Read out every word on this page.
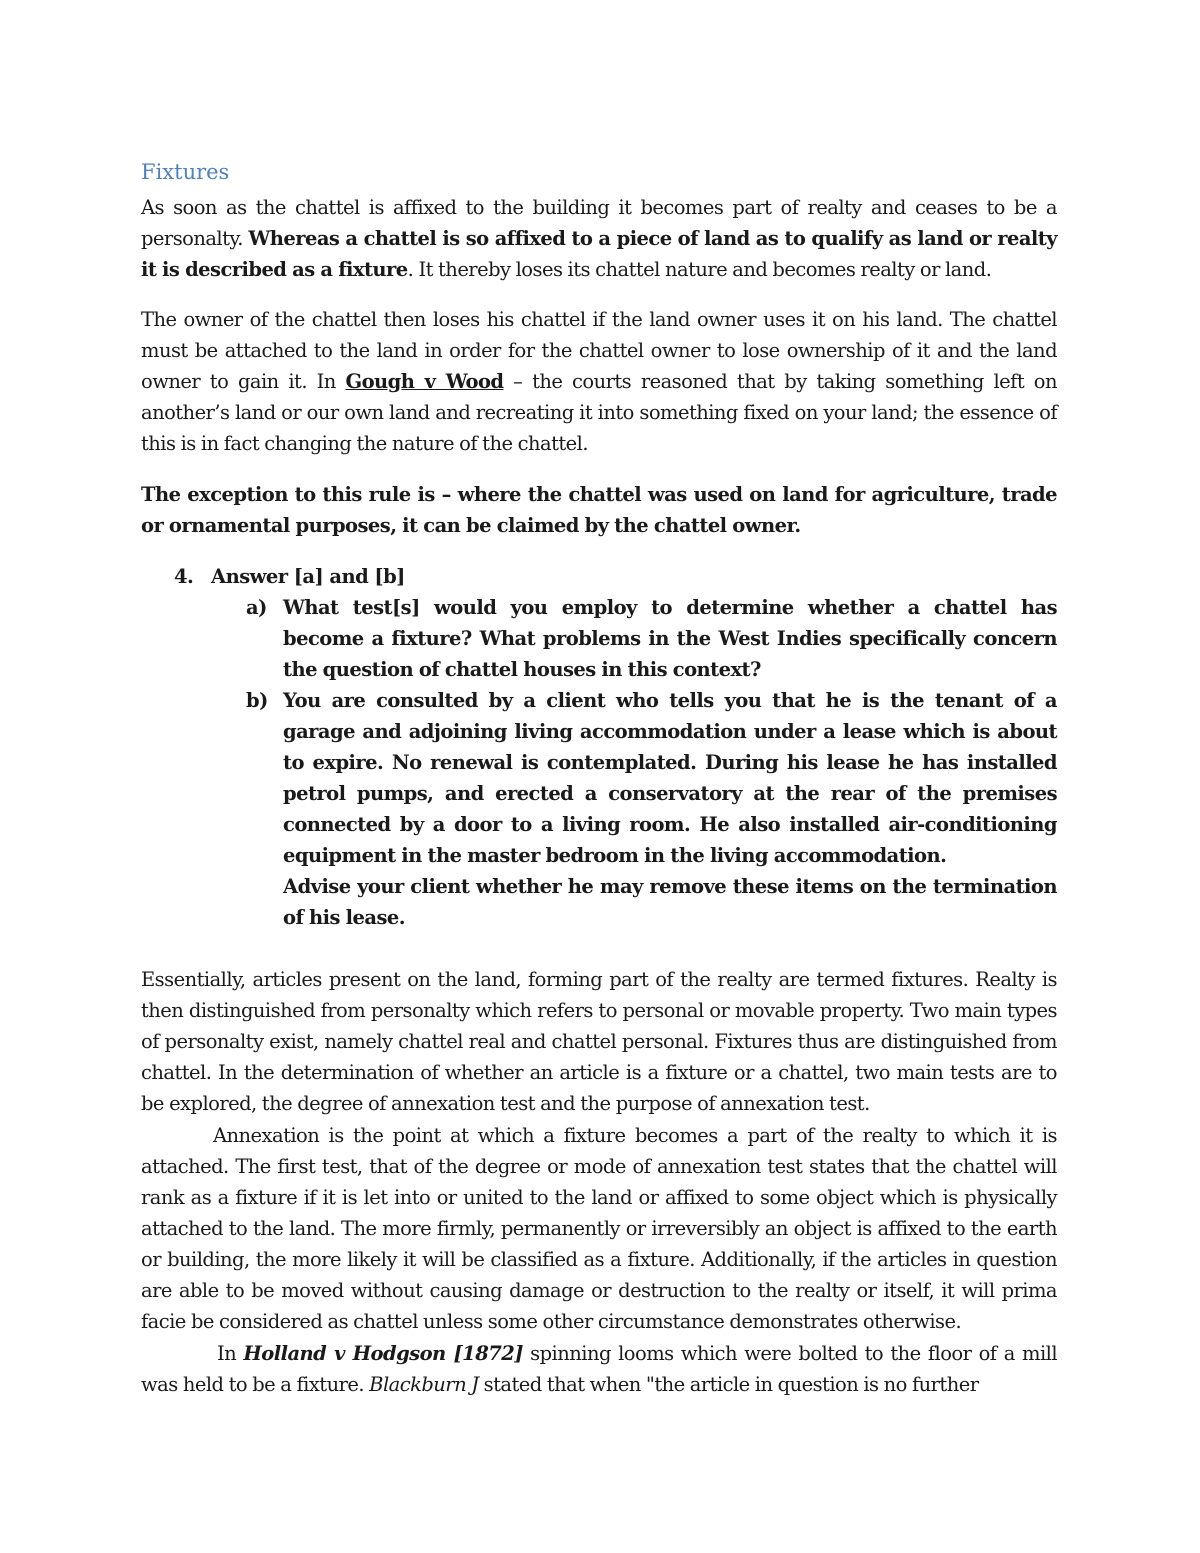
Fixtures
As soon as the chattel is affixed to the building it becomes part of realty and ceases to be a personalty. Whereas a chattel is so affixed to a piece of land as to qualify as land or realty it is described as a fixture. It thereby loses its chattel nature and becomes realty or land.
The owner of the chattel then loses his chattel if the land owner uses it on his land. The chattel must be attached to the land in order for the chattel owner to lose ownership of it and the land owner to gain it. In Gough v Wood – the courts reasoned that by taking something left on another’s land or our own land and recreating it into something fixed on your land; the essence of this is in fact changing the nature of the chattel.
The exception to this rule is – where the chattel was used on land for agriculture, trade or ornamental purposes, it can be claimed by the chattel owner.
4. Answer [a] and [b]
a) What test[s] would you employ to determine whether a chattel has become a fixture? What problems in the West Indies specifically concern the question of chattel houses in this context?
b) You are consulted by a client who tells you that he is the tenant of a garage and adjoining living accommodation under a lease which is about to expire. No renewal is contemplated. During his lease he has installed petrol pumps, and erected a conservatory at the rear of the premises connected by a door to a living room. He also installed air-conditioning equipment in the master bedroom in the living accommodation.
Advise your client whether he may remove these items on the termination of his lease.
Essentially, articles present on the land, forming part of the realty are termed fixtures. Realty is then distinguished from personalty which refers to personal or movable property. Two main types of personalty exist, namely chattel real and chattel personal. Fixtures thus are distinguished from chattel. In the determination of whether an article is a fixture or a chattel, two main tests are to be explored, the degree of annexation test and the purpose of annexation test.
Annexation is the point at which a fixture becomes a part of the realty to which it is attached. The first test, that of the degree or mode of annexation test states that the chattel will rank as a fixture if it is let into or united to the land or affixed to some object which is physically attached to the land. The more firmly, permanently or irreversibly an object is affixed to the earth or building, the more likely it will be classified as a fixture. Additionally, if the articles in question are able to be moved without causing damage or destruction to the realty or itself, it will prima facie be considered as chattel unless some other circumstance demonstrates otherwise.
In Holland v Hodgson [1872] spinning looms which were bolted to the floor of a mill was held to be a fixture. Blackburn J stated that when "the article in question is no further
